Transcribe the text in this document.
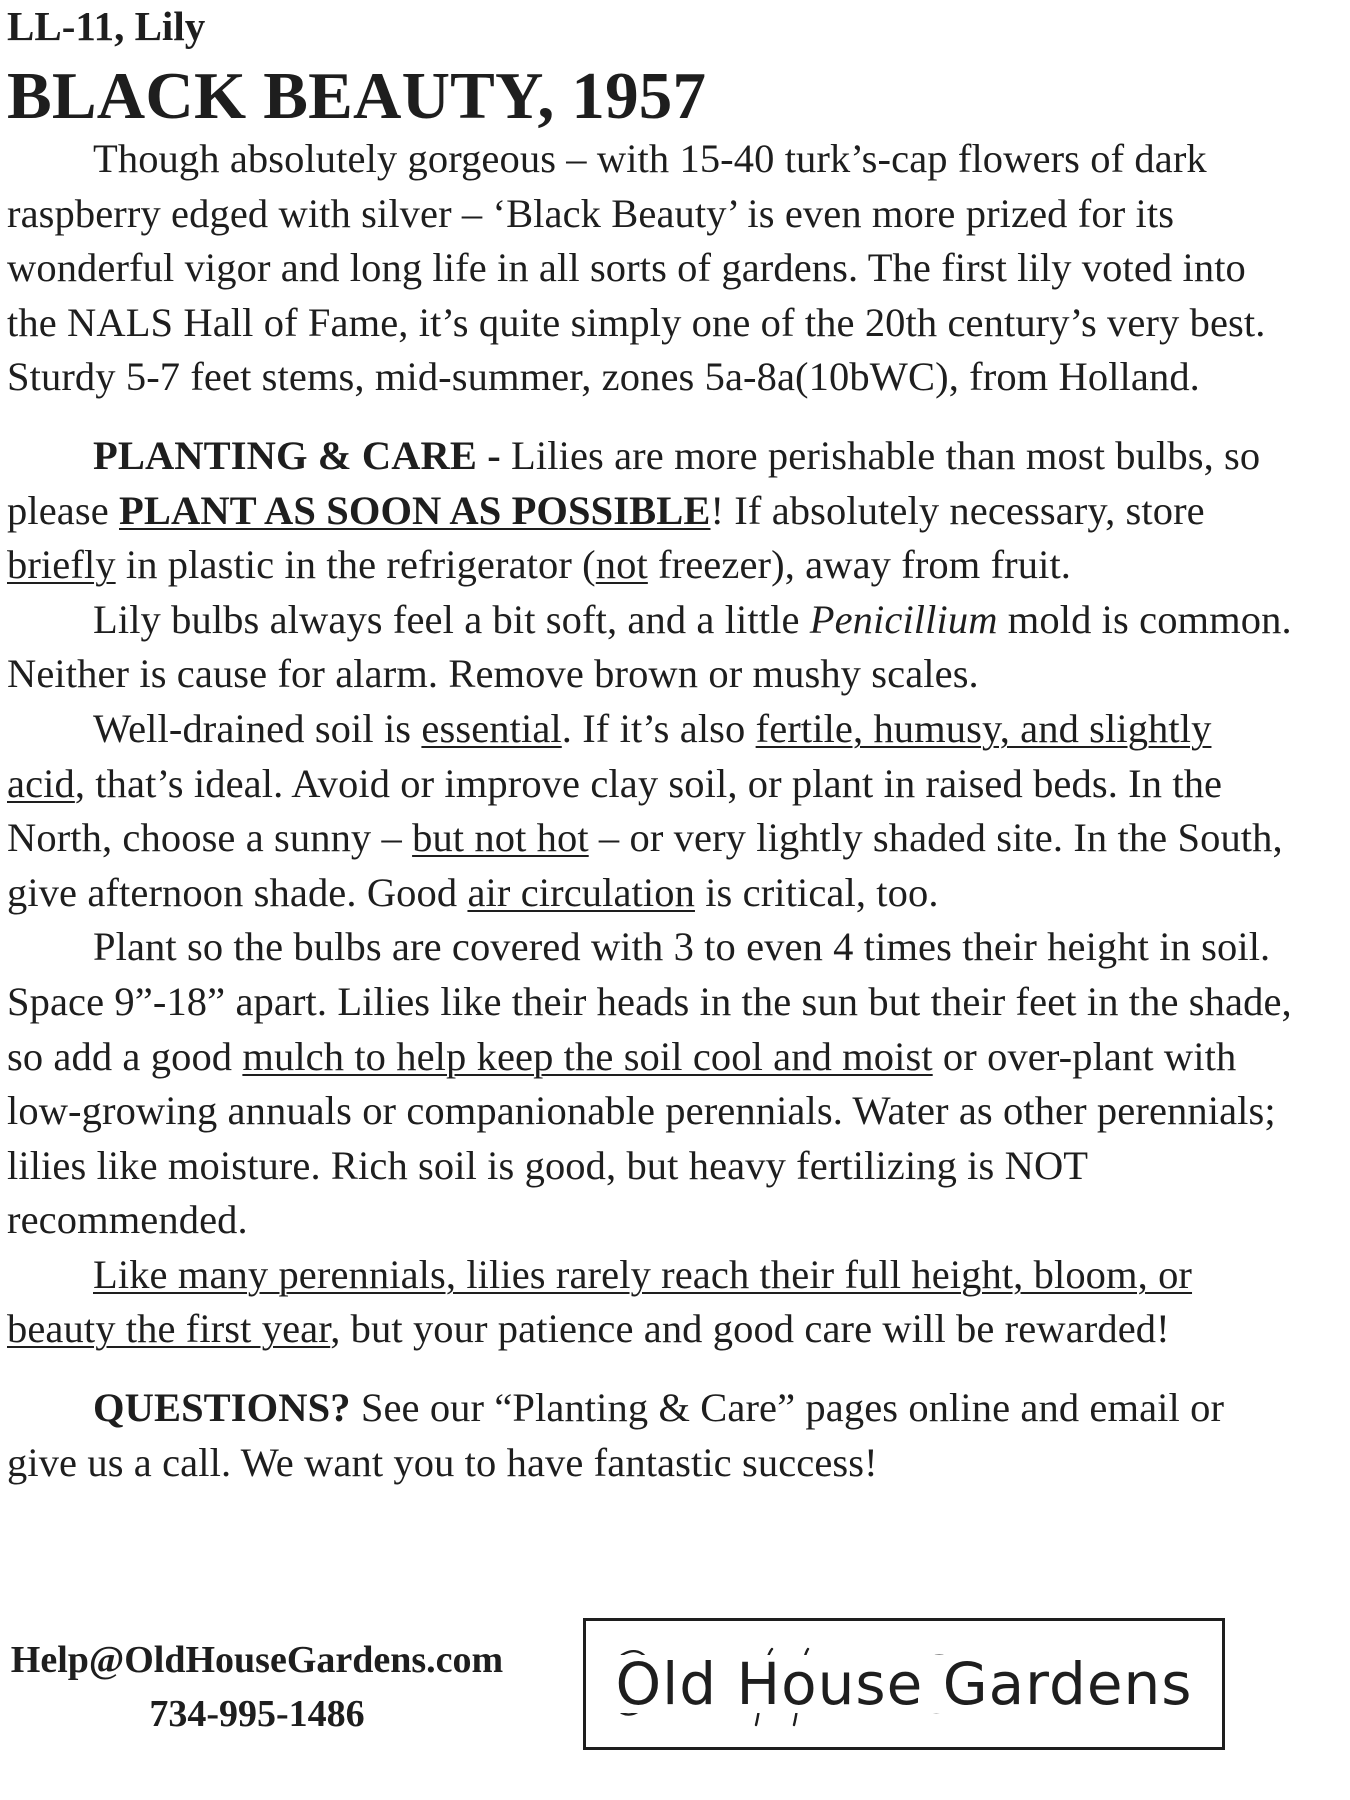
LL-11, Lily
BLACK BEAUTY, 1957

Though absolutely gorgeous – with 15-40 turk’s-cap flowers of dark raspberry edged with silver – ‘Black Beauty’ is even more prized for its wonderful vigor and long life in all sorts of gardens. The first lily voted into the NALS Hall of Fame, it’s quite simply one of the 20th century’s very best. Sturdy 5-7 feet stems, mid-summer, zones 5a-8a(10bWC), from Holland.

PLANTING & CARE - Lilies are more perishable than most bulbs, so please PLANT AS SOON AS POSSIBLE! If absolutely necessary, store briefly in plastic in the refrigerator (not freezer), away from fruit.

Lily bulbs always feel a bit soft, and a little Penicillium mold is common. Neither is cause for alarm. Remove brown or mushy scales.

Well-drained soil is essential. If it’s also fertile, humusy, and slightly acid, that’s ideal. Avoid or improve clay soil, or plant in raised beds. In the North, choose a sunny – but not hot – or very lightly shaded site. In the South, give afternoon shade. Good air circulation is critical, too.

Plant so the bulbs are covered with 3 to even 4 times their height in soil. Space 9”-18” apart. Lilies like their heads in the sun but their feet in the shade, so add a good mulch to help keep the soil cool and moist or over-plant with low-growing annuals or companionable perennials. Water as other perennials; lilies like moisture. Rich soil is good, but heavy fertilizing is NOT recommended.

Like many perennials, lilies rarely reach their full height, bloom, or beauty the first year, but your patience and good care will be rewarded!

QUESTIONS? See our “Planting & Care” pages online and email or give us a call. We want you to have fantastic success!

Help@OldHouseGardens.com
734-995-1486	Old House Gardens
